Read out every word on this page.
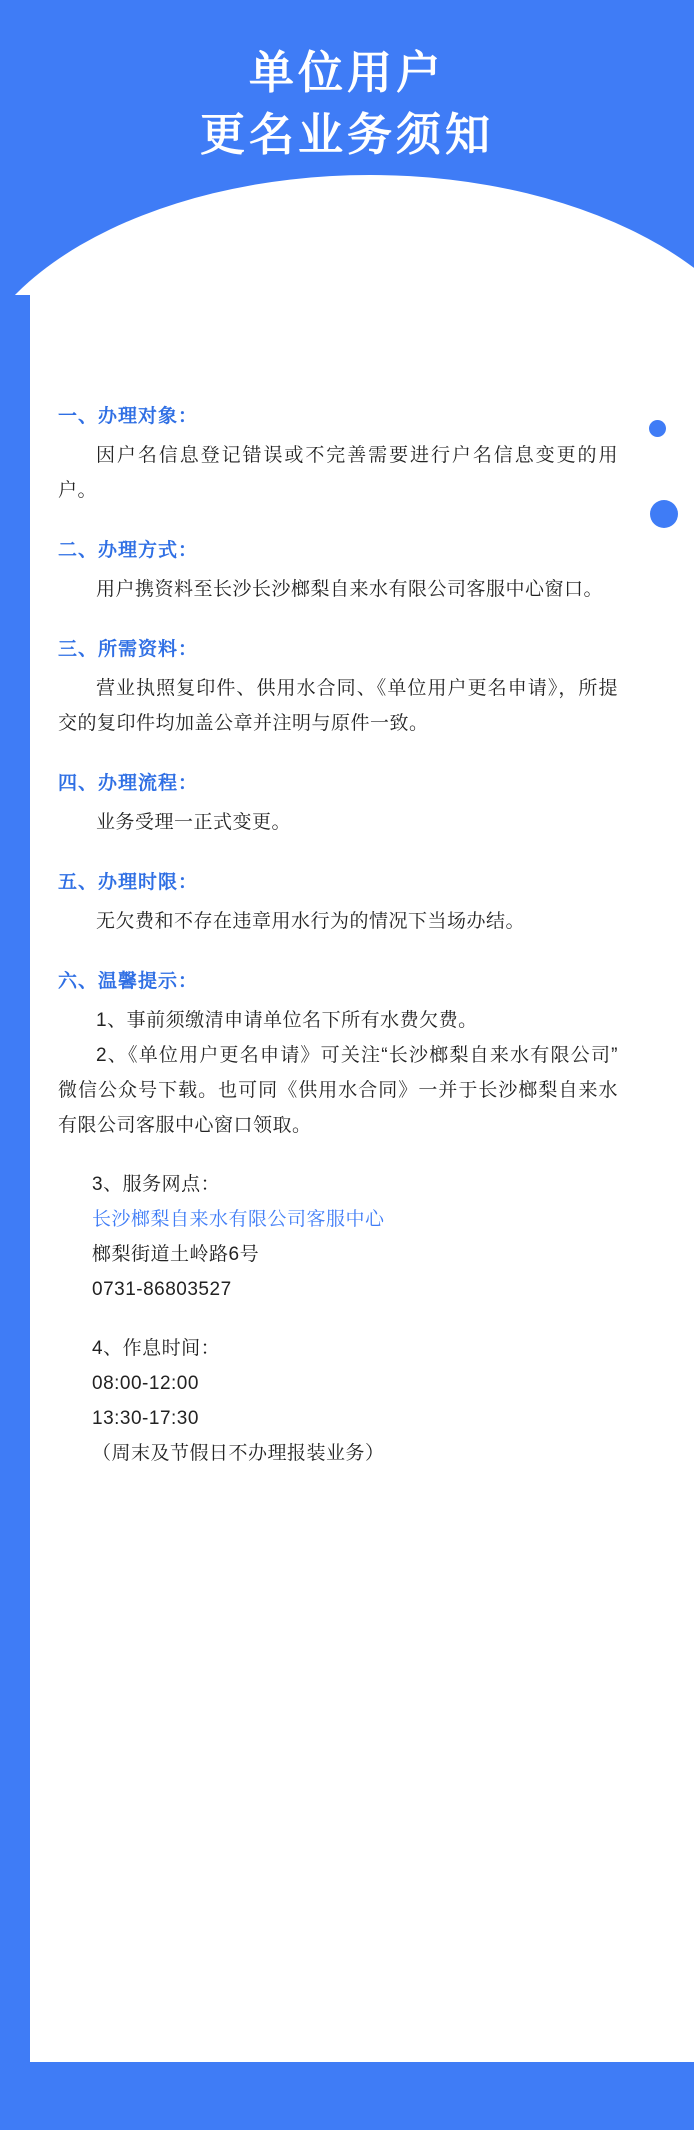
单位用户
更名业务须知
一、办理对象：

因户名信息登记错误或不完善需要进行户名信息变更的用户。

二、办理方式：

用户携资料至长沙长沙榔梨自来水有限公司客服中心窗口。

三、所需资料：

营业执照复印件、供用水合同、《单位用户更名申请》，所提交的复印件均加盖公章并注明与原件一致。

四、办理流程：

业务受理一正式变更。

五、办理时限：

无欠费和不存在违章用水行为的情况下当场办结。

六、温馨提示：

1、事前须缴清申请单位名下所有水费欠费。

2、《单位用户更名申请》可关注“长沙榔梨自来水有限公司”微信公众号下载。也可同《供用水合同》一并于长沙榔梨自来水有限公司客服中心窗口领取。

3、服务网点：

长沙榔梨自来水有限公司客服中心

榔梨街道土岭路6号

0731-86803527

4、作息时间：

08:00-12:00

13:30-17:30

（周末及节假日不办理报装业务）
